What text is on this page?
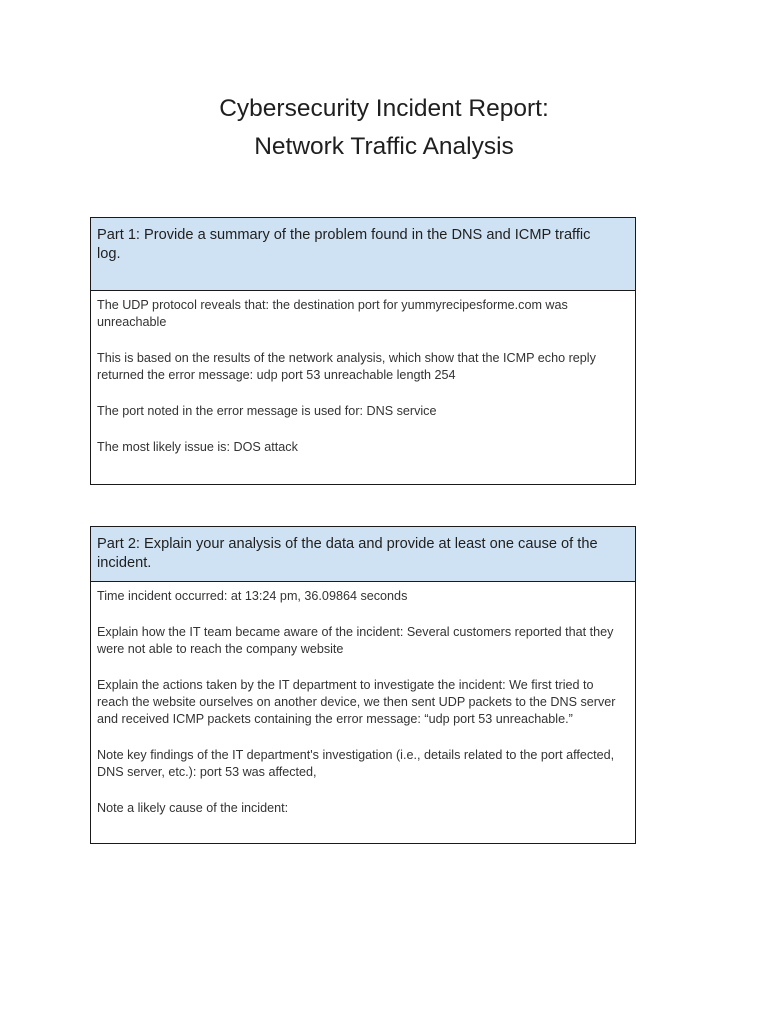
Cybersecurity Incident Report:
Network Traffic Analysis
Part 1: Provide a summary of the problem found in the DNS and ICMP traffic log.

The UDP protocol reveals that: the destination port for yummyrecipesforme.com was unreachable

This is based on the results of the network analysis, which show that the ICMP echo reply returned the error message: udp port 53 unreachable length 254

The port noted in the error message is used for: DNS service

The most likely issue is: DOS attack

Part 2: Explain your analysis of the data and provide at least one cause of the incident.

Time incident occurred: at 13:24 pm, 36.09864 seconds

Explain how the IT team became aware of the incident: Several customers reported that they were not able to reach the company website

Explain the actions taken by the IT department to investigate the incident: We first tried to reach the website ourselves on another device, we then sent UDP packets to the DNS server and received ICMP packets containing the error message: “udp port 53 unreachable.”

Note key findings of the IT department's investigation (i.e., details related to the port affected, DNS server, etc.): port 53 was affected,

Note a likely cause of the incident:
